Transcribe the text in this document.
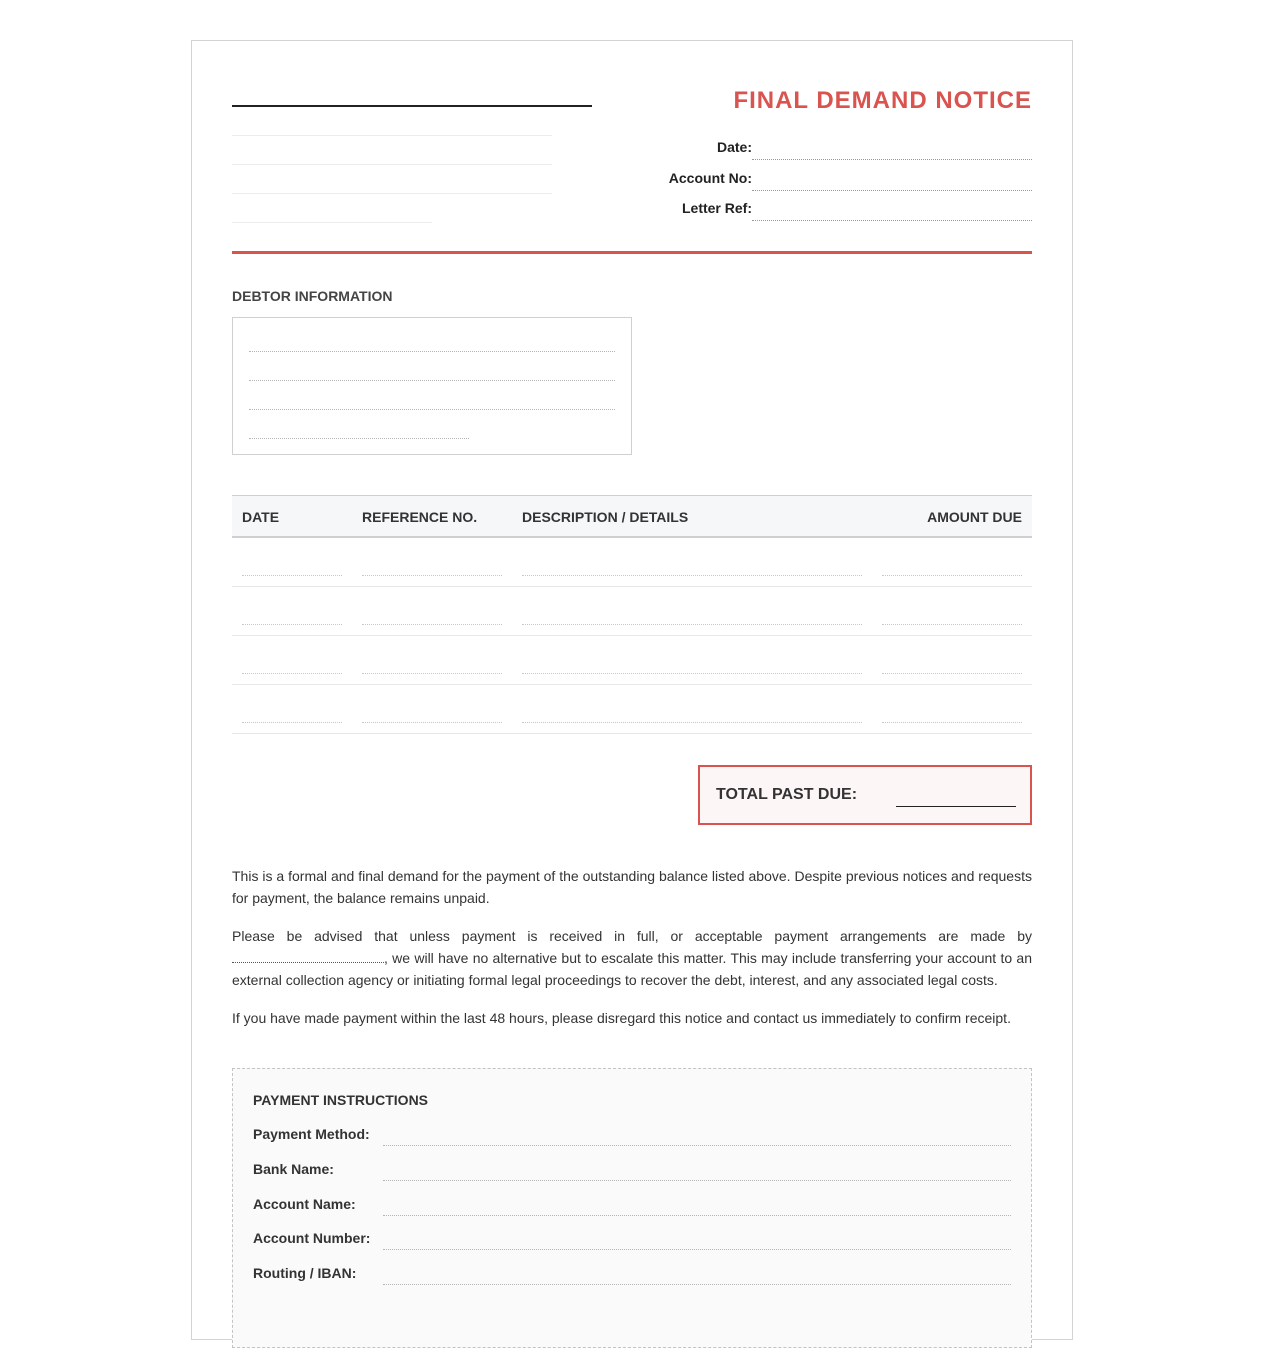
FINAL DEMAND NOTICE
Date:
Account No:
Letter Ref:
DEBTOR INFORMATION
DATE	REFERENCE NO.	DESCRIPTION / DETAILS	AMOUNT DUE
TOTAL PAST DUE:

This is a formal and final demand for the payment of the outstanding balance listed above. Despite previous notices and requests for payment, the balance remains unpaid.

Please be advised that unless payment is received in full, or acceptable payment arrangements are made by , we will have no alternative but to escalate this matter. This may include transferring your account to an external collection agency or initiating formal legal proceedings to recover the debt, interest, and any associated legal costs.

If you have made payment within the last 48 hours, please disregard this notice and contact us immediately to confirm receipt.

PAYMENT INSTRUCTIONS
Payment Method:
Bank Name:
Account Name:
Account Number:
Routing / IBAN:
